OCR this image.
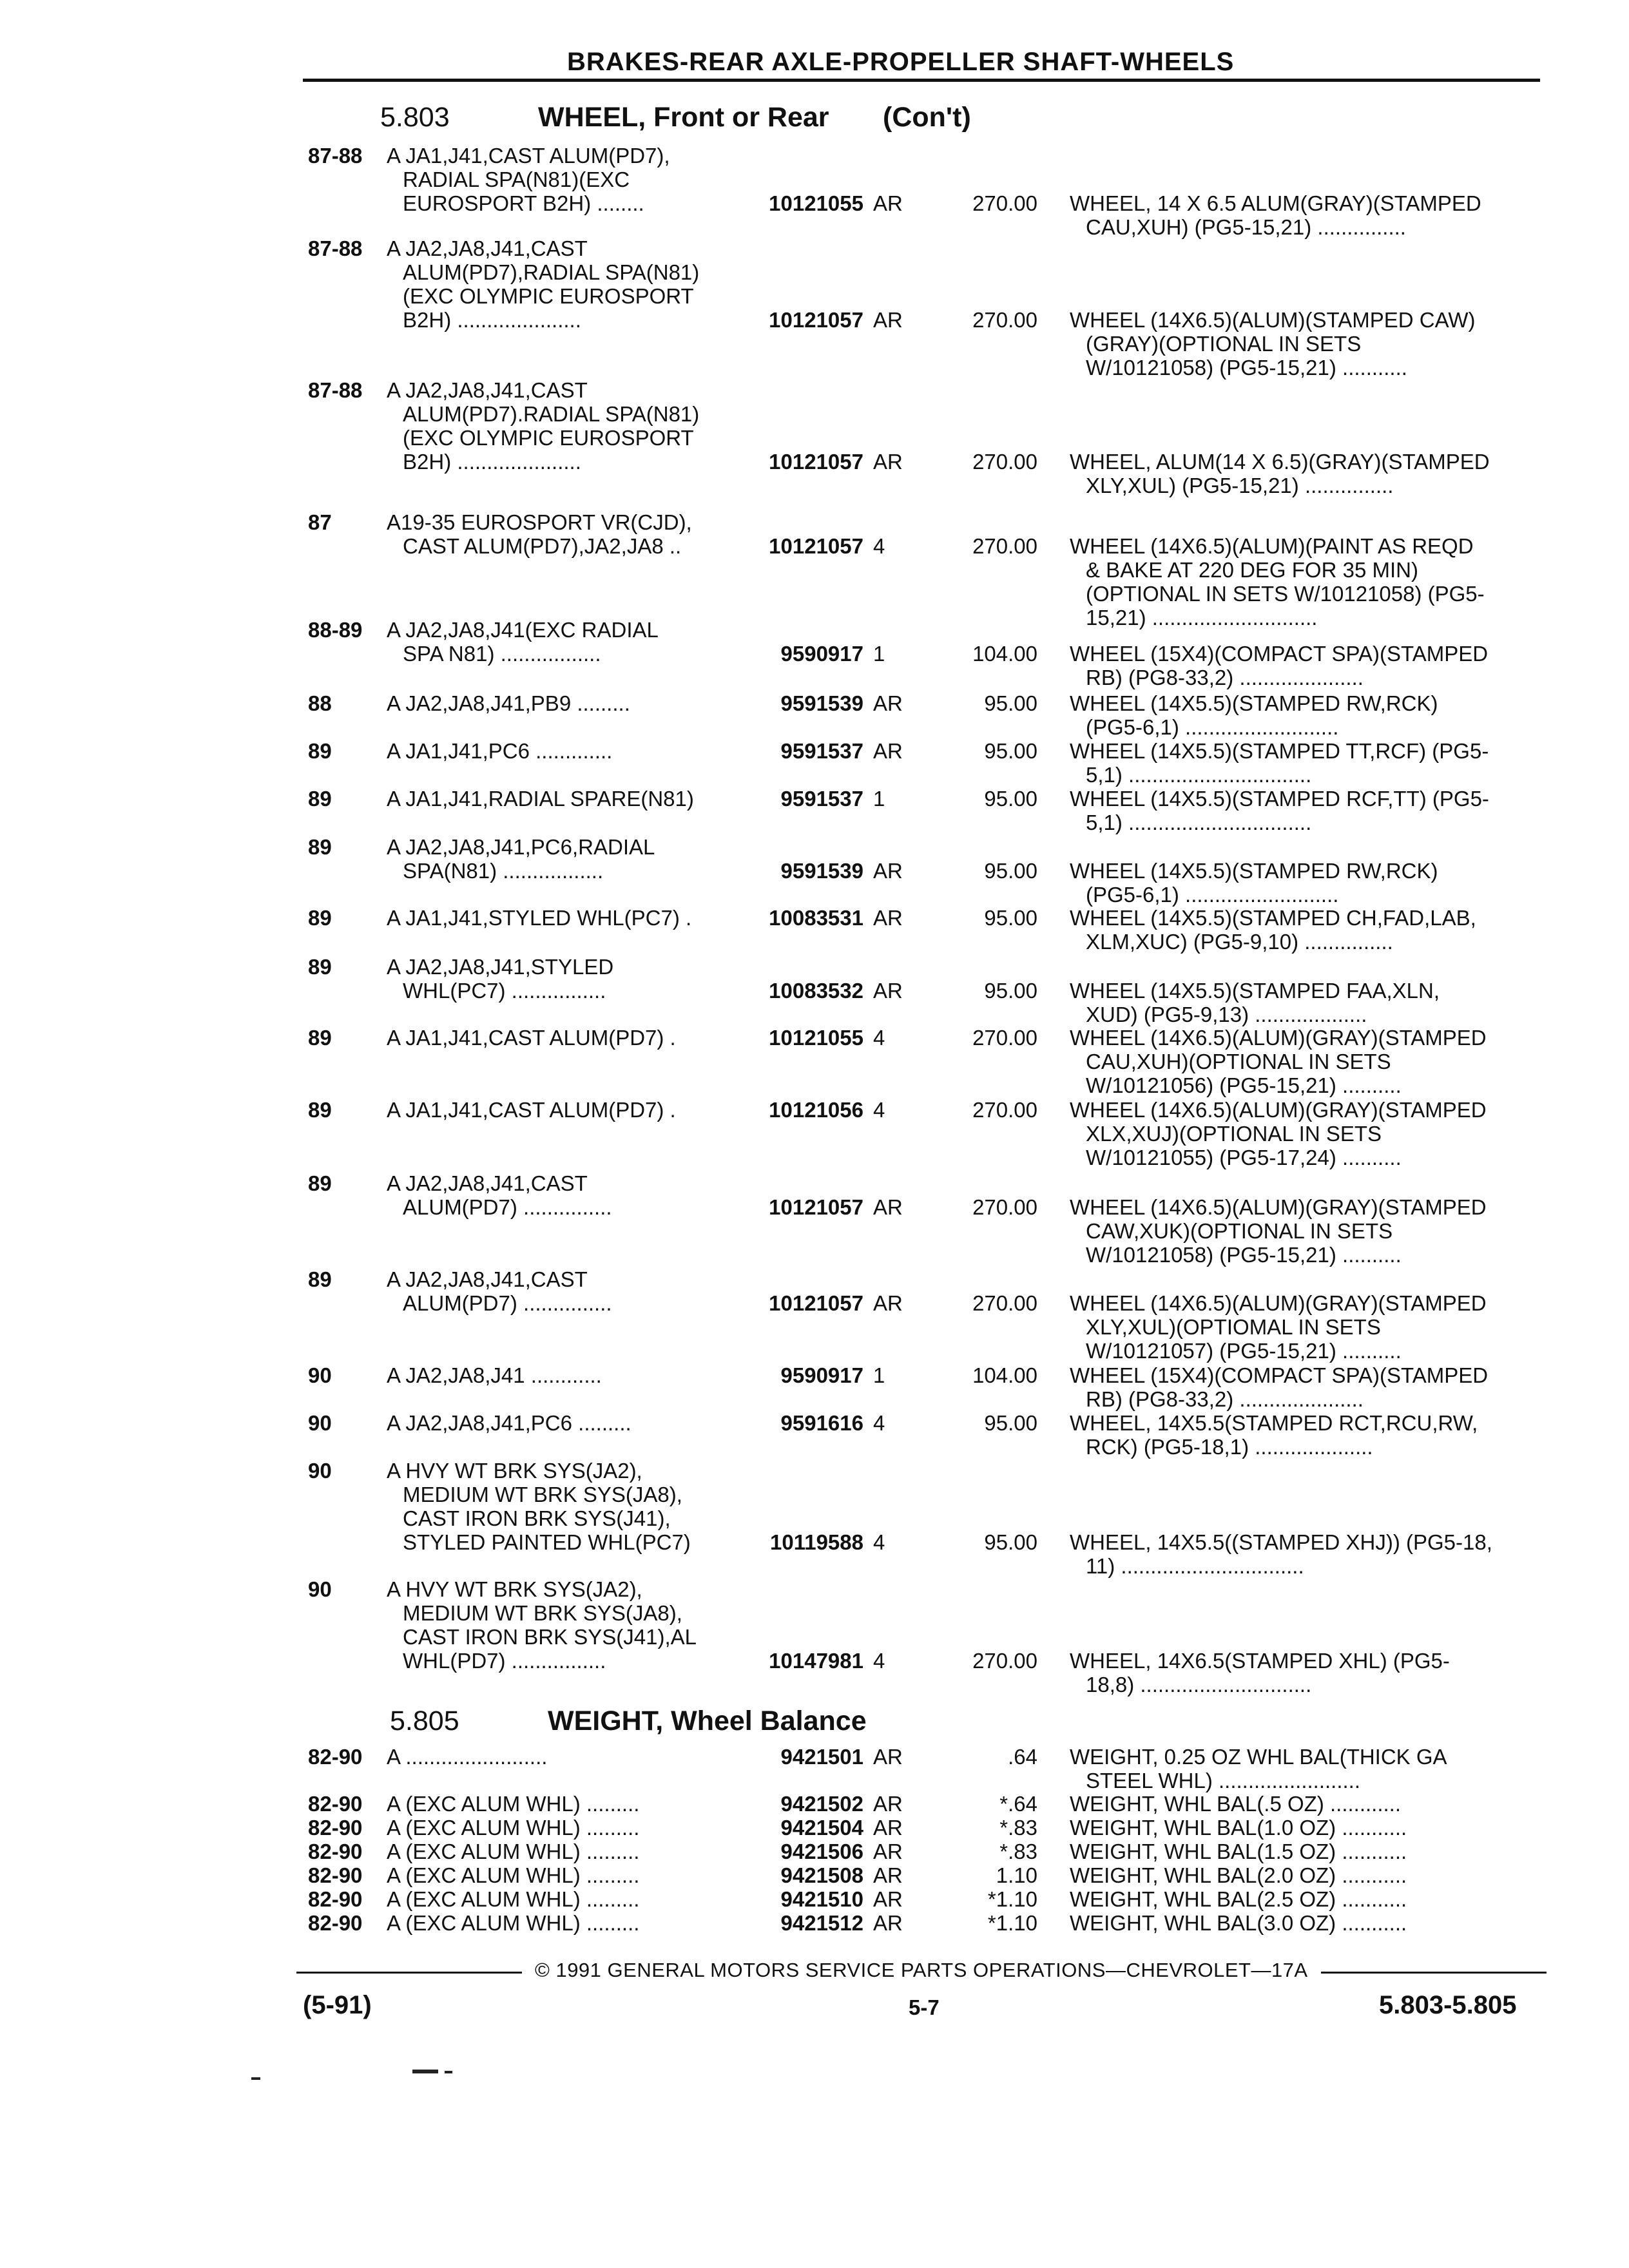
BRAKES-REAR AXLE-PROPELLER SHAFT-WHEELS
5.803	WHEEL, Front or Rear (Con't)
87-88 A JA1,J41,CAST ALUM(PD7),
RADIAL SPA(N81)(EXC
EUROSPORT B2H) ........	10121055 AR	270.00 WHEEL, 14 X 6.5 ALUM(GRAY)(STAMPED
CAU,XUH) (PG5-15,21) ...............
87-88 A JA2,JA8,J41,CAST
ALUM(PD7),RADIAL SPA(N81)
(EXC OLYMPIC EUROSPORT
B2H) .....................	10121057 AR	270.00 WHEEL (14X6.5)(ALUM)(STAMPED CAW)
(GRAY)(OPTIONAL IN SETS
W/10121058) (PG5-15,21) ...........
87-88 A JA2,JA8,J41,CAST
ALUM(PD7).RADIAL SPA(N81)
(EXC OLYMPIC EUROSPORT
B2H) .....................	10121057 AR	270.00 WHEEL, ALUM(14 X 6.5)(GRAY)(STAMPED
XLY,XUL) (PG5-15,21) ...............
87	A19-35 EUROSPORT VR(CJD),
CAST ALUM(PD7),JA2,JA8 ..	10121057 4	270.00 WHEEL (14X6.5)(ALUM)(PAINT AS REQD
& BAKE AT 220 DEG FOR 35 MIN)
(OPTIONAL IN SETS W/10121058) (PG5-
15,21) ............................
88-89 A JA2,JA8,J41(EXC RADIAL
SPA N81) .................	9590917 1	104.00 WHEEL (15X4)(COMPACT SPA)(STAMPED
RB) (PG8-33,2) .....................
88	A JA2,JA8,J41,PB9 .........	9591539 AR	95.00 WHEEL (14X5.5)(STAMPED RW,RCK)
(PG5-6,1) ..........................
89	A JA1,J41,PC6 .............	9591537 AR	95.00 WHEEL (14X5.5)(STAMPED TT,RCF) (PG5-
5,1) ...............................
89	A JA1,J41,RADIAL SPARE(N81)	9591537 1	95.00 WHEEL (14X5.5)(STAMPED RCF,TT) (PG5-
5,1) ...............................
89	A JA2,JA8,J41,PC6,RADIAL
SPA(N81) .................	9591539 AR	95.00 WHEEL (14X5.5)(STAMPED RW,RCK)
(PG5-6,1) ..........................
89	A JA1,J41,STYLED WHL(PC7) .	10083531 AR	95.00 WHEEL (14X5.5)(STAMPED CH,FAD,LAB,
XLM,XUC) (PG5-9,10) ...............
89	A JA2,JA8,J41,STYLED
WHL(PC7) ................	10083532 AR	95.00 WHEEL (14X5.5)(STAMPED FAA,XLN,
XUD) (PG5-9,13) ...................
89	A JA1,J41,CAST ALUM(PD7) .	10121055 4	270.00 WHEEL (14X6.5)(ALUM)(GRAY)(STAMPED
CAU,XUH)(OPTIONAL IN SETS
W/10121056) (PG5-15,21) ..........
89	A JA1,J41,CAST ALUM(PD7) .	10121056 4	270.00 WHEEL (14X6.5)(ALUM)(GRAY)(STAMPED
XLX,XUJ)(OPTIONAL IN SETS
W/10121055) (PG5-17,24) ..........
89	A JA2,JA8,J41,CAST
ALUM(PD7) ...............	10121057 AR	270.00 WHEEL (14X6.5)(ALUM)(GRAY)(STAMPED
CAW,XUK)(OPTIONAL IN SETS
W/10121058) (PG5-15,21) ..........
89	A JA2,JA8,J41,CAST
ALUM(PD7) ...............	10121057 AR	270.00 WHEEL (14X6.5)(ALUM)(GRAY)(STAMPED
XLY,XUL)(OPTIOMAL IN SETS
W/10121057) (PG5-15,21) ..........
90	A JA2,JA8,J41 ............	9590917 1	104.00 WHEEL (15X4)(COMPACT SPA)(STAMPED
RB) (PG8-33,2) .....................
90	A JA2,JA8,J41,PC6 .........	9591616 4	95.00 WHEEL, 14X5.5(STAMPED RCT,RCU,RW,
RCK) (PG5-18,1) ....................
90	A HVY WT BRK SYS(JA2),
MEDIUM WT BRK SYS(JA8),
CAST IRON BRK SYS(J41),
STYLED PAINTED WHL(PC7)	10119588 4	95.00 WHEEL, 14X5.5((STAMPED XHJ)) (PG5-18,
11) ...............................
90	A HVY WT BRK SYS(JA2),
MEDIUM WT BRK SYS(JA8),
CAST IRON BRK SYS(J41),AL
WHL(PD7) ................	10147981 4	270.00 WHEEL, 14X6.5(STAMPED XHL) (PG5-
18,8) .............................
82-90 A ........................	9421501 AR	.64 WEIGHT, 0.25 OZ WHL BAL(THICK GA
STEEL WHL) ........................
82-90 A (EXC ALUM WHL) .........	9421502 AR	*.64 WEIGHT, WHL BAL(.5 OZ) ............
82-90 A (EXC ALUM WHL) .........	9421504 AR	*.83 WEIGHT, WHL BAL(1.0 OZ) ...........
82-90 A (EXC ALUM WHL) .........	9421506 AR	*.83 WEIGHT, WHL BAL(1.5 OZ) ...........
82-90 A (EXC ALUM WHL) .........	9421508 AR	1.10 WEIGHT, WHL BAL(2.0 OZ) ...........
82-90 A (EXC ALUM WHL) .........	9421510 AR	*1.10 WEIGHT, WHL BAL(2.5 OZ) ...........
82-90 A (EXC ALUM WHL) .........	9421512 AR	*1.10 WEIGHT, WHL BAL(3.0 OZ) ...........
5.805	WEIGHT, Wheel Balance
© 1991 GENERAL MOTORS SERVICE PARTS OPERATIONS—CHEVROLET—17A
(5-91)	5-7	5.803-5.805
